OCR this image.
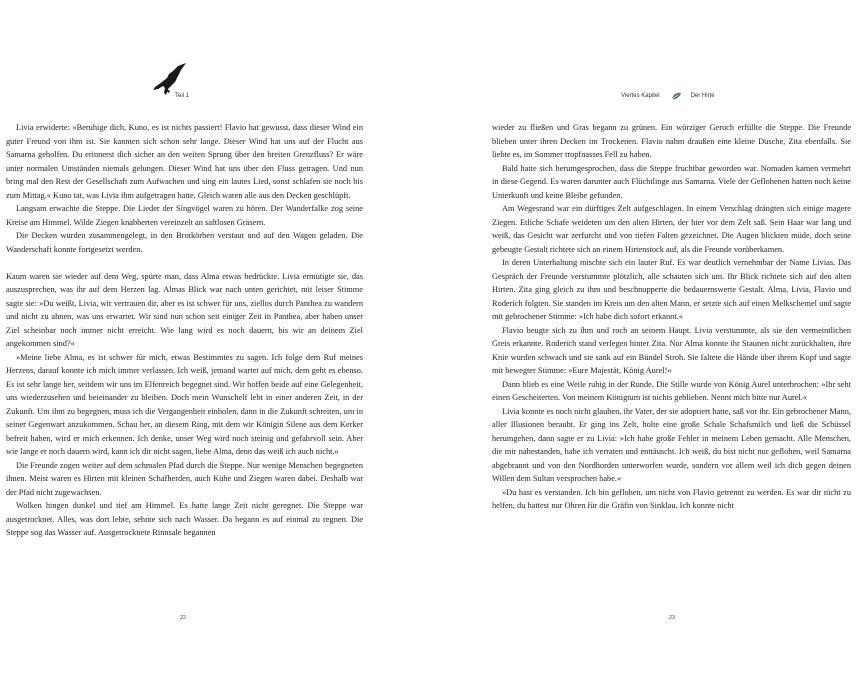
Teil 1

Livia erwiderte: »Beruhige dich, Kuno, es ist nichts passiert! Flavio hat gewusst, dass dieser Wind ein guter Freund von ihm ist. Sie kannten sich schon sehr lange. Dieser Wind hat uns auf der Flucht aus Samarna geholfen. Du erinnerst dich sicher an den weiten Sprung über den breiten Grenzfluss? Er wäre unter normalen Umständen niemals gelungen. Dieser Wind hat uns über den Fluss getragen. Und nun bring mal den Rest der Gesellschaft zum Aufwachen und sing ein lautes Lied, sonst schlafen sie noch bis zum Mittag.« Kuno tat, was Livia ihm aufgetragen hatte. Gleich waren alle aus den Decken geschlüpft.

Langsam erwachte die Steppe. Die Lieder der Singvögel waren zu hören. Der Wanderfalke zog seine Kreise am Himmel. Wilde Ziegen knabberten vereinzelt an saftlosen Gräsern.

Die Decken wurden zusammengelegt, in den Brotkörben verstaut und auf den Wagen geladen. Die Wanderschaft konnte fortgesetzt werden.

Kaum waren sie wieder auf dem Weg, spürte man, dass Alma etwas bedrückte. Livia ermutigte sie, das auszusprechen, was ihr auf dem Herzen lag. Almas Blick war nach unten gerichtet, mit leiser Stimme sagte sie: »Du weißt, Livia, wir vertrauen dir, aber es ist schwer für uns, ziellos durch Panthea zu wandern und nicht zu ahnen, was uns erwartet. Wir sind nun schon seit einiger Zeit in Panthea, aber haben unser Ziel scheinbar noch immer nicht erreicht. Wie lang wird es noch dauern, bis wir an deinem Ziel angekommen sind?«

»Meine liebe Alma, es ist schwer für mich, etwas Bestimmtes zu sagen. Ich folge dem Ruf meines Herzens, darauf konnte ich mich immer verlassen. Ich weiß, jemand wartet auf mich, dem geht es ebenso. Es ist sehr lange her, seitdem wir uns im Elfenreich begegnet sind. Wir hoffen beide auf eine Gelegenheit, uns wiederzusehen und beieinander zu bleiben. Doch mein Wunschelf lebt in einer anderen Zeit, in der Zukunft. Um ihm zu begegnen, muss ich die Vergangenheit einholen, dann in die Zukunft schreiten, um in seiner Gegenwart anzukommen. Schau her, an diesem Ring, mit dem wir Königin Silene aus dem Kerker befreit haben, wird er mich erkennen. Ich denke, unser Weg wird noch steinig und gefahrvoll sein. Aber wie lange er noch dauern wird, kann ich dir nicht sagen, liebe Alma, denn das weiß ich auch nicht.«

Die Freunde zogen weiter auf dem schmalen Pfad durch die Steppe. Nur wenige Menschen begegneten ihnen. Meist waren es Hirten mit kleinen Schafherden, auch Kühe und Ziegen waren dabei. Deshalb war der Pfad nicht zugewachsen.

Wolken hingen dunkel und tief am Himmel. Es hatte lange Zeit nicht geregnet. Die Steppe war ausgetrocknet. Alles, was dort lebte, sehnte sich nach Wasser. Da begann es auf einmal zu regnen. Die Steppe sog das Wasser auf. Ausgetrocknete Rinnsale begannen

22
Viertes Kapitel	Der Hirte

wieder zu fließen und Gras begann zu grünen. Ein würziger Geruch erfüllte die Steppe. Die Freunde blieben unter ihren Decken im Trockenen. Flavio nahm draußen eine kleine Dusche, Zita ebenfalls. Sie liebte es, im Sommer tropfnasses Fell zu haben.

Bald hatte sich herumgesprochen, dass die Steppe fruchtbar geworden war. Nomaden kamen vermehrt in diese Gegend. Es waren darunter auch Flüchtlinge aus Samarna. Viele der Geflohenen hatten noch keine Unterkunft und keine Bleibe gefunden.

Am Wegesrand war ein dürftiges Zelt aufgeschlagen. In einem Verschlag drängten sich einige magere Ziegen. Etliche Schafe weideten um den alten Hirten, der hier vor dem Zelt saß. Sein Haar war lang und weiß, das Gesicht war zerfurcht und von tiefen Falten gezeichnet. Die Augen blickten müde, doch seine gebeugte Gestalt richtete sich an einem Hirtenstock auf, als die Freunde vorüberkamen.

In deren Unterhaltung mischte sich ein lauter Ruf. Es war deutlich vernehmbar der Name Livias. Das Gespräch der Freunde verstummte plötzlich, alle schauten sich um. Ihr Blick richtete sich auf den alten Hirten. Zita ging gleich zu ihm und beschnupperte die bedauernswerte Gestalt. Alma, Livia, Flavio und Roderich folgten. Sie standen im Kreis um den alten Mann, er setzte sich auf einen Melkschemel und sagte mit gebrochener Stimme: »Ich habe dich sofort erkannt.«

Flavio beugte sich zu ihm und roch an seinem Haupt. Livia verstummte, als sie den vermeintlichen Greis erkannte. Roderich stand verlegen hinter Zita. Nur Alma konnte ihr Staunen nicht zurückhalten, ihre Knie wurden schwach und sie sank auf ein Bündel Stroh. Sie faltete die Hände über ihrem Kopf und sagte mit bewegter Stimme: »Eure Majestät, König Aurel!«

Dann blieb es eine Weile ruhig in der Runde. Die Stille wurde von König Aurel unterbrochen: »Ihr seht einen Gescheiterten. Von meinem Königtum ist nichts geblieben. Nennt mich bitte nur Aurel.«

Livia konnte es noch nicht glauben, ihr Vater, der sie adoptiert hatte, saß vor ihr. Ein gebrochener Mann, aller Illusionen beraubt. Er ging ins Zelt, holte eine große Schale Schafsmilch und ließ die Schüssel herumgehen, dann sagte er zu Livia: »Ich habe große Fehler in meinem Leben gemacht. Alle Menschen, die mir nahestanden, habe ich verraten und enttäuscht. Ich weiß, du bist nicht nur geflohen, weil Samarna abgebrannt und von den Nordhorden unterworfen wurde, sondern vor allem weil ich dich gegen deinen Willen dem Sultan versprochen habe.«

»Du hast es verstanden. Ich bin geflohen, um nicht von Flavio getrennt zu werden. Es war dir nicht zu helfen, du hattest nur Ohren für die Gräfin von Sinklau. Ich konnte nicht

23
